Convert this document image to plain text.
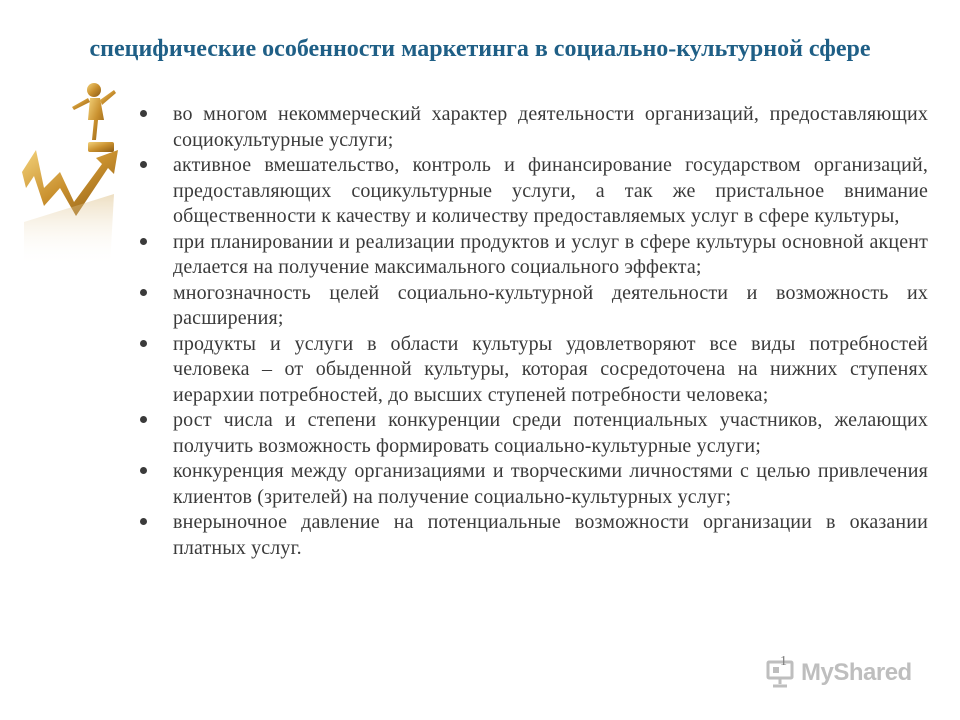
специфические особенности маркетинга в социально-культурной сфере
во многом некоммерческий характер деятельности организаций, предоставляющих социокультурные услуги;
активное вмешательство, контроль и финансирование государством организаций, предоставляющих социкультурные услуги, а так же пристальное внимание общественности к качеству и количеству предоставляемых услуг в сфере культуры,
при планировании и реализации продуктов и услуг в сфере культуры основной акцент делается на получение максимального социального эффекта;
многозначность целей социально-культурной деятельности и возможность их расширения;
продукты и услуги в области культуры удовлетворяют все виды потребностей человека – от обыденной культуры, которая сосредоточена на нижних ступенях иерархии потребностей, до высших ступеней потребности человека;
рост числа и степени конкуренции среди потенциальных участников, желающих получить возможность формировать социально-культурные услуги;
конкуренция между организациями и творческими личностями с целью привлечения клиентов (зрителей) на получение социально-культурных услуг;
внерыночное давление на потенциальные возможности организации в оказании платных услуг.
1 MyShared
